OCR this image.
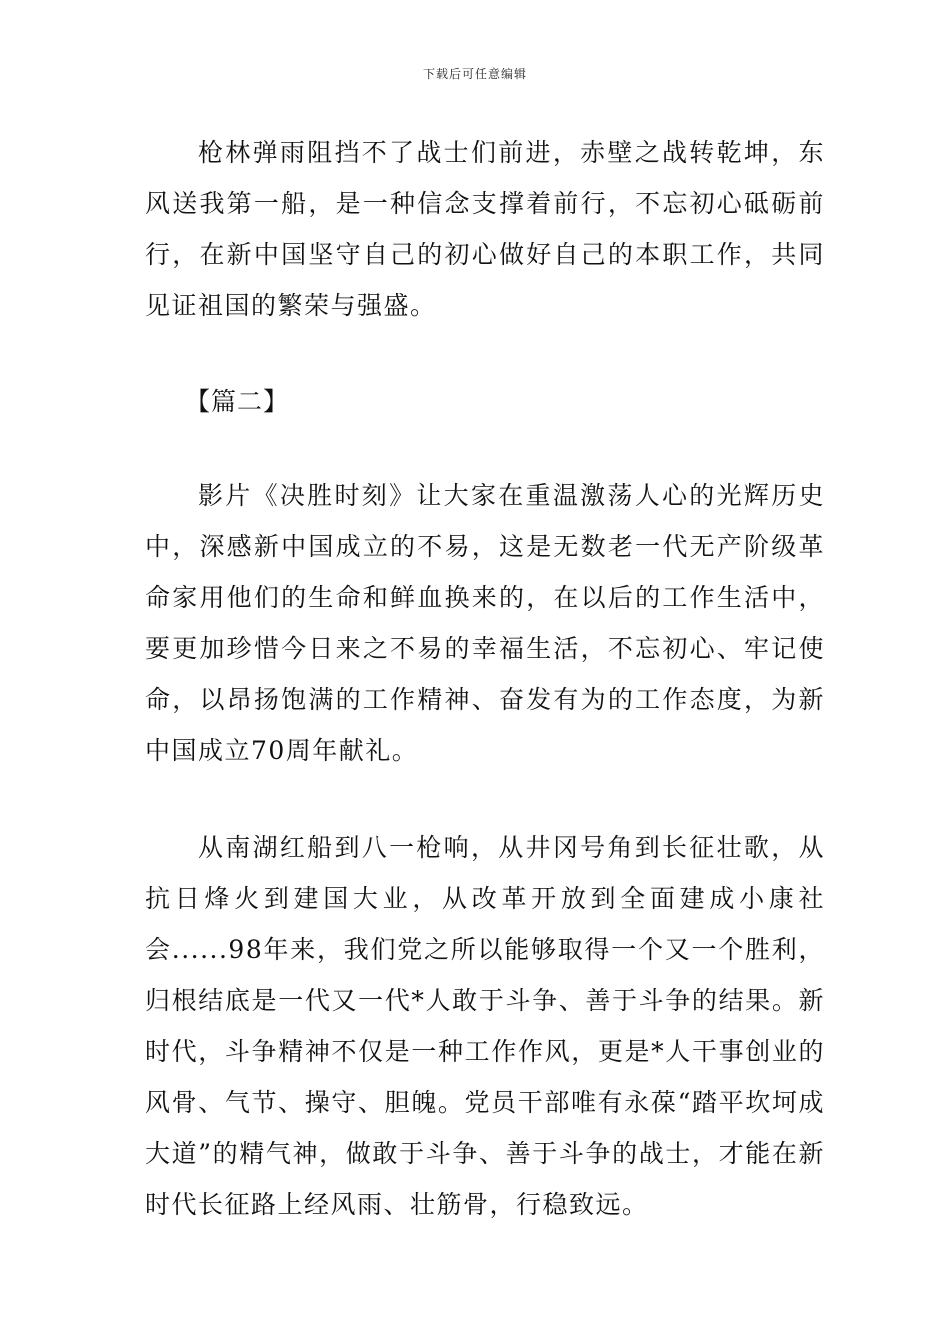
下载后可任意编辑

枪林弹雨阻挡不了战士们前进，赤壁之战转乾坤，东风送我第一船，是一种信念支撑着前行，不忘初心砥砺前行，在新中国坚守自己的初心做好自己的本职工作，共同见证祖国的繁荣与强盛。

【篇二】

影片《决胜时刻》让大家在重温激荡人心的光辉历史中，深感新中国成立的不易，这是无数老一代无产阶级革命家用他们的生命和鲜血换来的，在以后的工作生活中，要更加珍惜今日来之不易的幸福生活，不忘初心、牢记使命，以昂扬饱满的工作精神、奋发有为的工作态度，为新中国成立70周年献礼。

从南湖红船到八一枪响，从井冈号角到长征壮歌，从抗日烽火到建国大业，从改革开放到全面建成小康社会......98年来，我们党之所以能够取得一个又一个胜利，归根结底是一代又一代*人敢于斗争、善于斗争的结果。新时代，斗争精神不仅是一种工作作风，更是*人干事创业的风骨、气节、操守、胆魄。党员干部唯有永葆“踏平坎坷成大道”的精气神，做敢于斗争、善于斗争的战士，才能在新时代长征路上经风雨、壮筋骨，行稳致远。
